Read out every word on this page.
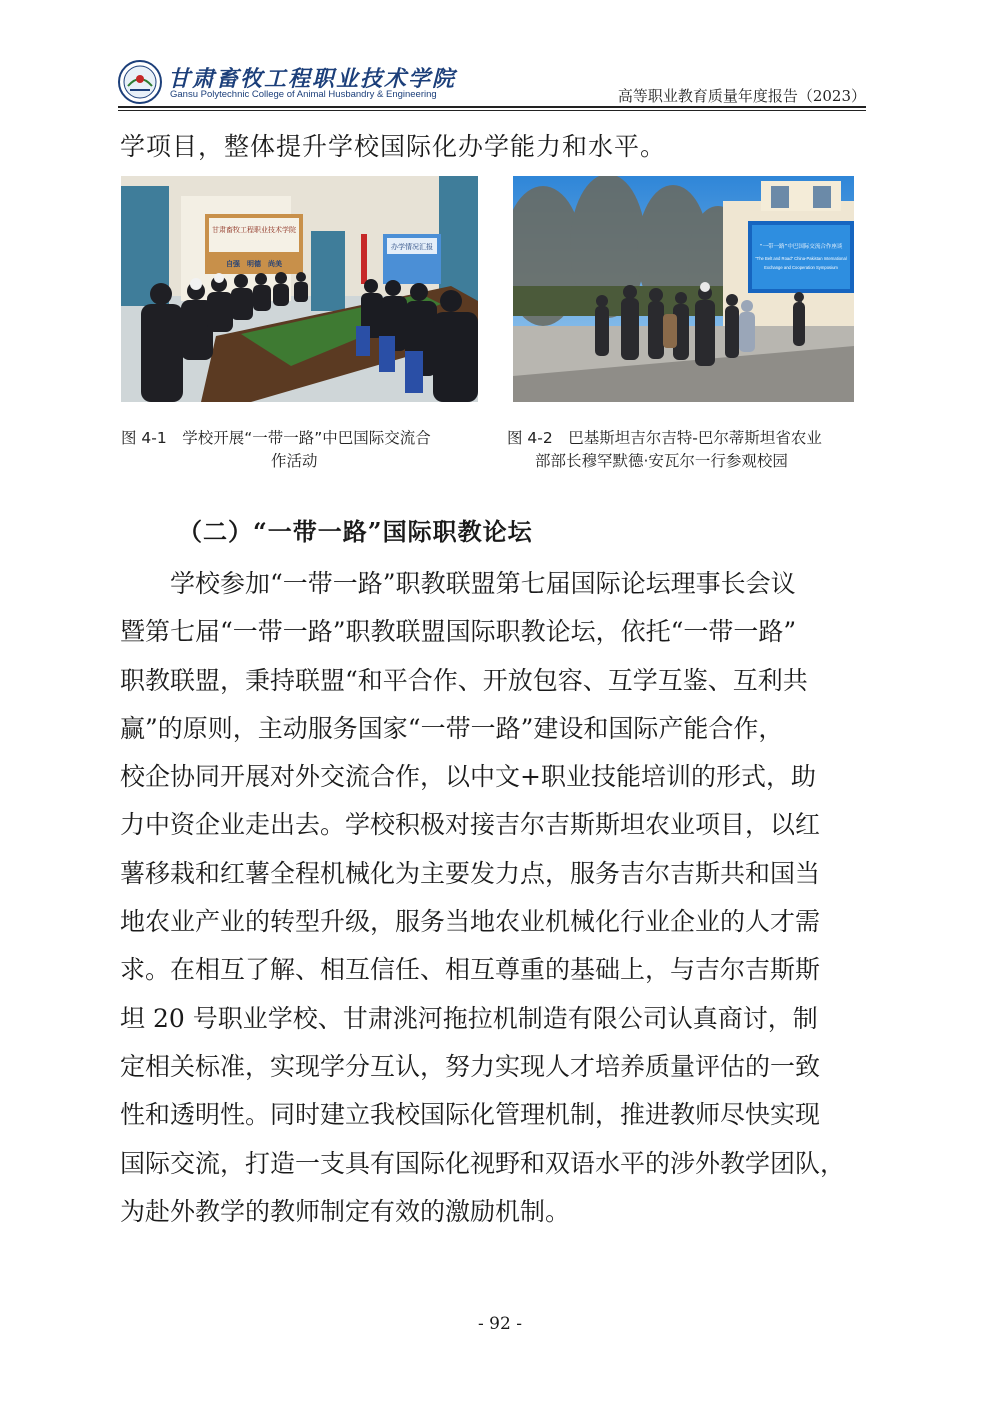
甘肃畜牧工程职业技术学院
Gansu Polytechnic College of Animal Husbandry & Engineering	高等职业教育质量年度报告（2023）
学项目，整体提升学校国际化办学能力和水平。
甘肃畜牧工程职业技术学院
自强　明德　尚美
办学情况汇报	“一带一路”中巴国际交流合作座谈
“The Belt and Road” China-Pakistan International
Exchange and Cooperation Symposium
图 4-1　学校开展“一带一路”中巴国际交流合
作活动
图 4-2　巴基斯坦吉尔吉特-巴尔蒂斯坦省农业
部部长穆罕默德·安瓦尔一行参观校园
（二）“一带一路”国际职教论坛
　　学校参加“一带一路”职教联盟第七届国际论坛理事长会议
暨第七届“一带一路”职教联盟国际职教论坛，依托“一带一路”
职教联盟，秉持联盟“和平合作、开放包容、互学互鉴、互利共
赢”的原则，主动服务国家“一带一路”建设和国际产能合作，
校企协同开展对外交流合作，以中文+职业技能培训的形式，助
力中资企业走出去。学校积极对接吉尔吉斯斯坦农业项目，以红
薯移栽和红薯全程机械化为主要发力点，服务吉尔吉斯共和国当
地农业产业的转型升级，服务当地农业机械化行业企业的人才需
求。在相互了解、相互信任、相互尊重的基础上，与吉尔吉斯斯
坦 20 号职业学校、甘肃洮河拖拉机制造有限公司认真商讨，制
定相关标准，实现学分互认，努力实现人才培养质量评估的一致
性和透明性。同时建立我校国际化管理机制，推进教师尽快实现
国际交流，打造一支具有国际化视野和双语水平的涉外教学团队，
为赴外教学的教师制定有效的激励机制。
- 92 -
